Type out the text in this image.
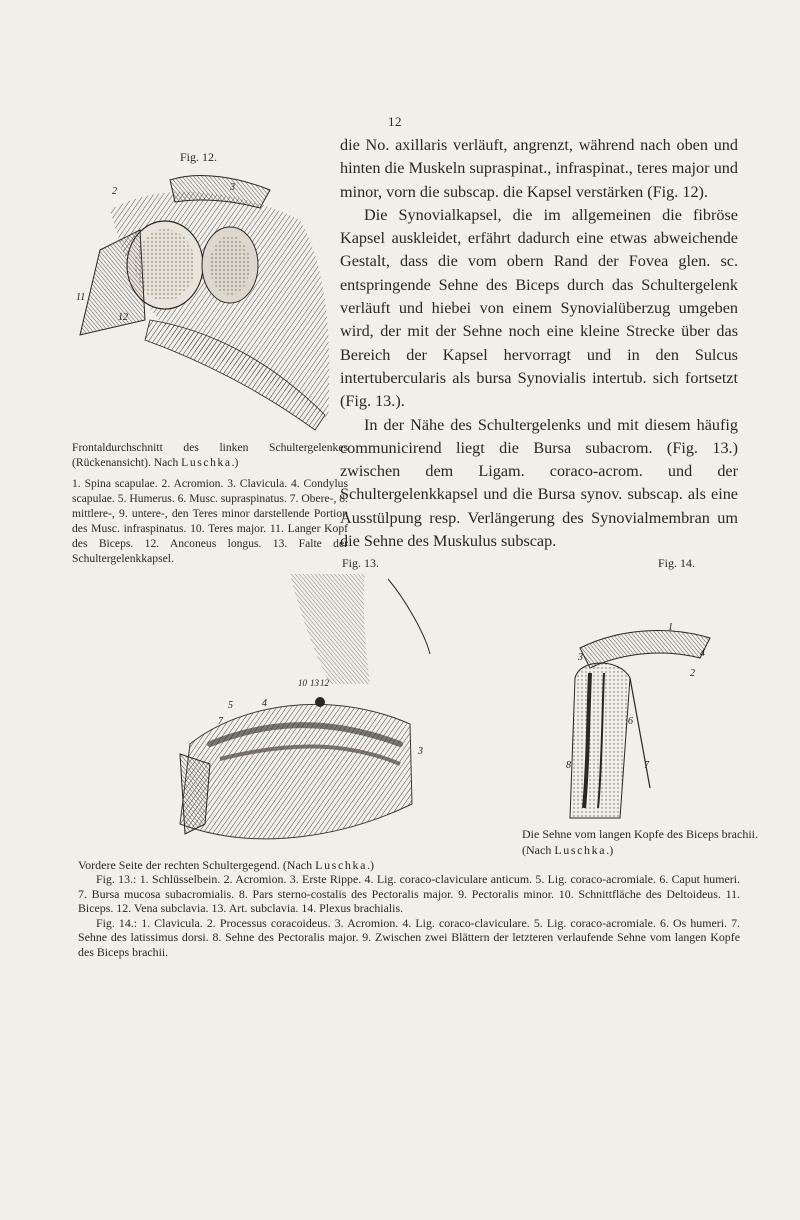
12
Fig. 12.
2	3
11
12

Frontaldurchschnitt des linken Schultergelenkes (Rückenansicht). Nach Luschka.)

1. Spina scapulae. 2. Acromion. 3. Clavicula. 4. Condylus scapulae. 5. Humerus. 6. Musc. supraspinatus. 7. Obere-, 8. mittlere-, 9. untere-, den Teres minor darstellende Portion des Musc. infraspinatus. 10. Teres major. 11. Langer Kopf des Biceps. 12. Anconeus longus. 13. Falte der Schultergelenkkapsel.

die No. axillaris verläuft, angrenzt, während nach oben und hinten die Muskeln supraspinat., infraspinat., teres major und minor, vorn die subscap. die Kapsel verstärken (Fig. 12).

Die Synovialkapsel, die im allgemeinen die fibröse Kapsel auskleidet, erfährt dadurch eine etwas abweichende Gestalt, dass die vom obern Rand der Fovea glen. sc. entspringende Sehne des Biceps durch das Schultergelenk verläuft und hiebei von einem Synovialüberzug umgeben wird, der mit der Sehne noch eine kleine Strecke über das Bereich der Kapsel hervorragt und in den Sulcus intertubercularis als bursa Synovialis intertub. sich fortsetzt (Fig. 13.).

In der Nähe des Schultergelenks und mit diesem häufig communicirend liegt die Bursa subacrom. (Fig. 13.) zwischen dem Ligam. coraco-acrom. und der Schultergelenkkapsel und die Bursa synov. subscap. als eine Ausstülpung resp. Verlängerung des Synovialmembran um die Sehne des Muskulus subscap.

Fig. 13.
5
7
3
10 13 12
4
Fig. 14.
1
3	4
2
6
8	7
Die Sehne vom langen Kopfe des Biceps brachii. (Nach Luschka.)
Vordere Seite der rechten Schultergegend. (Nach Luschka.)

Fig. 13.: 1. Schlüsselbein. 2. Acromion. 3. Erste Rippe. 4. Lig. coraco-claviculare anticum. 5. Lig. coraco-acromiale. 6. Caput humeri. 7. Bursa mucosa subacromialis. 8. Pars sterno-costalis des Pectoralis major. 9. Pectoralis minor. 10. Schnittfläche des Deltoideus. 11. Biceps. 12. Vena subclavia. 13. Art. subclavia. 14. Plexus brachialis.

Fig. 14.: 1. Clavicula. 2. Processus coracoideus. 3. Acromion. 4. Lig. coraco-claviculare. 5. Lig. coraco-acromiale. 6. Os humeri. 7. Sehne des latissimus dorsi. 8. Sehne des Pectoralis major. 9. Zwischen zwei Blättern der letzteren verlaufende Sehne vom langen Kopfe des Biceps brachii.
